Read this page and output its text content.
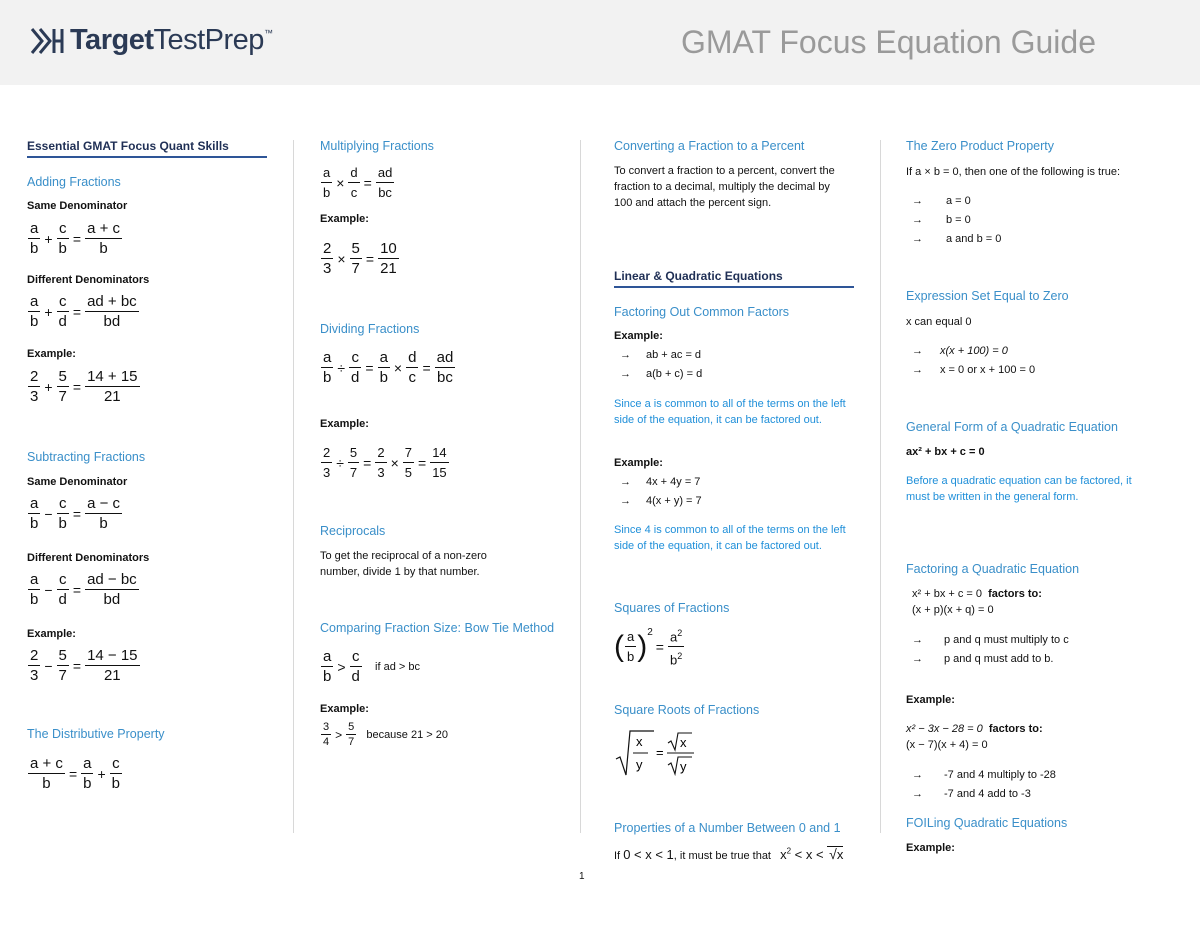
TargetTestPrep™	GMAT Focus Equation Guide
Essential GMAT Focus Quant Skills
Adding Fractions
Same Denominator
$\frac{a}{b} + \frac{c}{b} = \frac{a + c}{b}$
Different Denominators
$\frac{a}{b} + \frac{c}{d} = \frac{ad + bc}{bd}$
Example:
$\frac{2}{3} + \frac{5}{7} = \frac{14 + 15}{21}$
Subtracting Fractions
Same Denominator
$\frac{a}{b} - \frac{c}{b} = \frac{a - c}{b}$
Different Denominators
$\frac{a}{b} - \frac{c}{d} = \frac{ad - bc}{bd}$
Example:
$\frac{2}{3} - \frac{5}{7} = \frac{14 - 15}{21}$
The Distributive Property
$\frac{a + c}{b} = \frac{a}{b} + \frac{c}{b}$
Multiplying Fractions
$\frac{a}{b} \times \frac{d}{c} = \frac{ad}{bc}$
Example:
$\frac{2}{3} \times \frac{5}{7} = \frac{10}{21}$
Dividing Fractions
$\frac{a}{b} \div \frac{c}{d} = \frac{a}{b} \times \frac{d}{c} = \frac{ad}{bc}$
Example:
$\frac{2}{3} \div \frac{5}{7} = \frac{2}{3} \times \frac{7}{5} = \frac{14}{15}$
Reciprocals
To get the reciprocal of a non-zero number, divide 1 by that number.
Comparing Fraction Size: Bow Tie Method
$\frac{a}{b} > \frac{c}{d}$ if ad > bc
Example:
$\frac{3}{4} > \frac{5}{7}$ because 21 > 20
Converting a Fraction to a Percent
To convert a fraction to a percent, convert the fraction to a decimal, multiply the decimal by 100 and attach the percent sign.
Linear & Quadratic Equations
Factoring Out Common Factors
Example:
→ ab + ac = d
→ a(b + c) = d
Since a is common to all of the terms on the left side of the equation, it can be factored out.
Example:
→ 4x + 4y = 7
→ 4(x + y) = 7
Since 4 is common to all of the terms on the left side of the equation, it can be factored out.
Squares of Fractions
( $\frac{a}{b} )^2= \frac{a^2}{b^2}$
Square Roots of Fractions
x
y
=
x
y
Properties of a Number Between 0 and 1
If 0 < x < 1, it must be true that $x^2 < x < √x$
1
The Zero Product Property
If a × b = 0, then one of the following is true:
→ a = 0
→ b = 0
→ a and b = 0
Expression Set Equal to Zero
x can equal 0
→ x(x + 100) = 0
→ x = 0 or x + 100 = 0
General Form of a Quadratic Equation
ax² + bx + c = 0
Before a quadratic equation can be factored, it must be written in the general form.
Factoring a Quadratic Equation
x² + bx + c = 0 factors to:
(x + p)(x + q) = 0
→ p and q must multiply to c
→ p and q must add to b.
Example:
x² − 3x − 28 = 0 factors to:
(x − 7)(x + 4) = 0
→ -7 and 4 multiply to -28
→ -7 and 4 add to -3
FOILing Quadratic Equations
Example:
